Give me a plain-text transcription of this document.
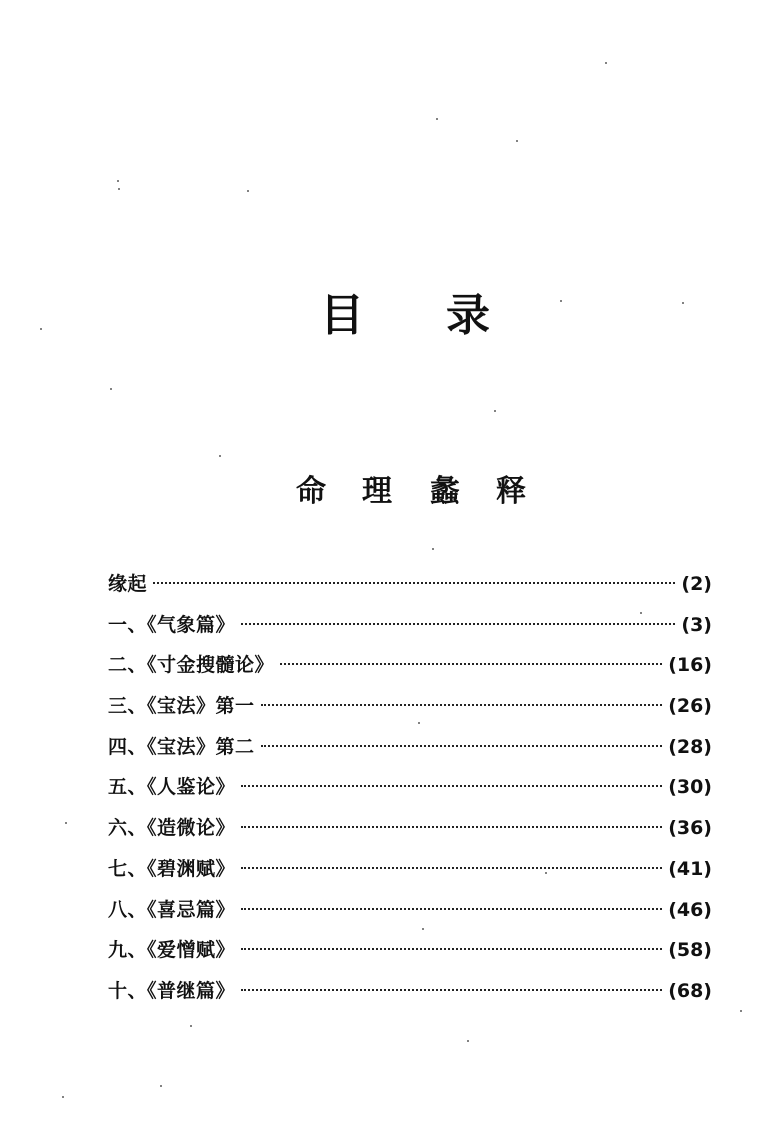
目 录
命 理 蠡 释
缘起	(2)
一、《气象篇》	(3)
二、《寸金搜髓论》	(16)
三、《宝法》第一	(26)
四、《宝法》第二	(28)
五、《人鉴论》	(30)
六、《造微论》	(36)
七、《碧渊赋》	(41)
八、《喜忌篇》	(46)
九、《爱憎赋》	(58)
十、《普继篇》	(68)
